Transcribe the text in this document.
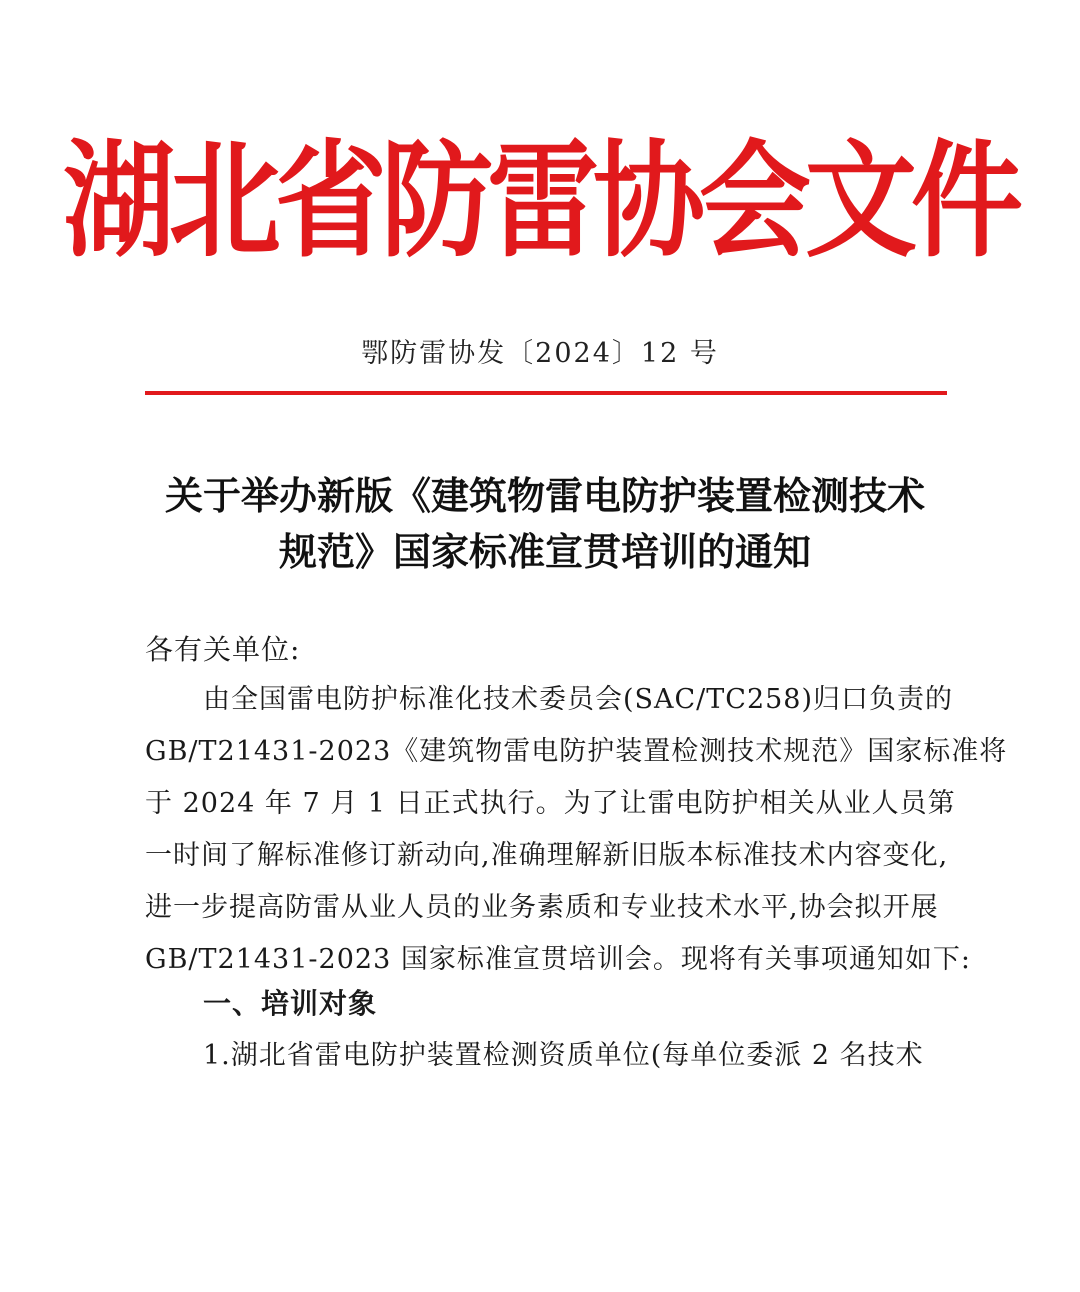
湖北省防雷协会文件
鄂防雷协发〔2024〕12 号
关于举办新版《建筑物雷电防护装置检测技术
规范》国家标准宣贯培训的通知
各有关单位:
由全国雷电防护标准化技术委员会(SAC/TC258)归口负责的
GB/T21431-2023《建筑物雷电防护装置检测技术规范》国家标准将
于 2024 年 7 月 1 日正式执行。为了让雷电防护相关从业人员第
一时间了解标准修订新动向,准确理解新旧版本标准技术内容变化,
进一步提高防雷从业人员的业务素质和专业技术水平,协会拟开展
GB/T21431-2023 国家标准宣贯培训会。现将有关事项通知如下:
一、培训对象
1.湖北省雷电防护装置检测资质单位(每单位委派 2 名技术
